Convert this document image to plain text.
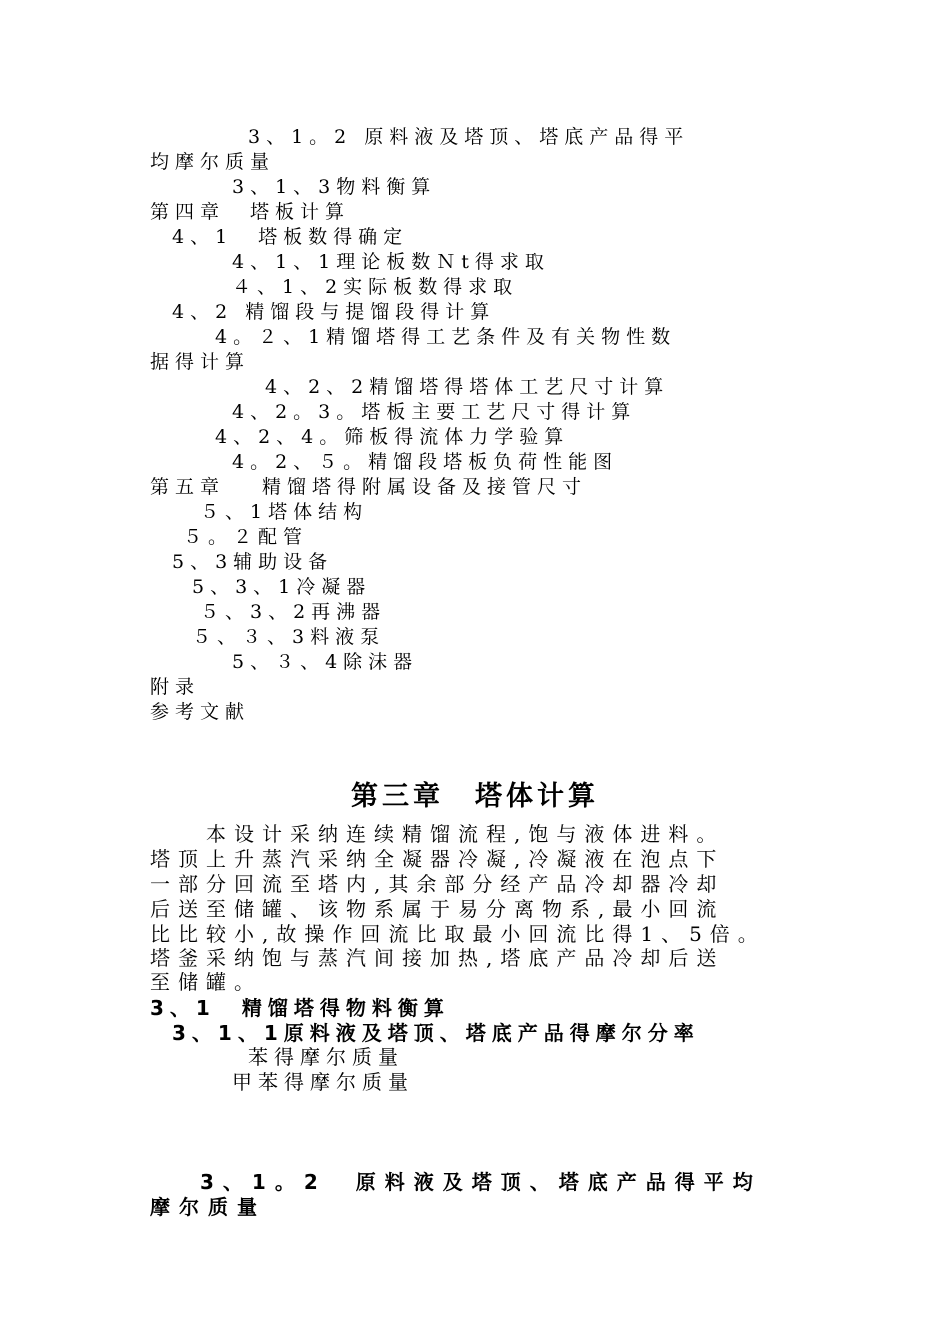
3、1。2 原料液及塔顶、塔底产品得平
均摩尔质量
3、1、3物料衡算
第四章　塔板计算
4、1　塔板数得确定
4、1、1理论板数Ｎt得求取
４、1、2实际板数得求取
4、2 精馏段与提馏段得计算
4。２、1精馏塔得工艺条件及有关物性数
据得计算
4、2、2精馏塔得塔体工艺尺寸计算
4、2。3。塔板主要工艺尺寸得计算
4、2、4。筛板得流体力学验算
4。2、５。精馏段塔板负荷性能图
第五章　 精馏塔得附属设备及接管尺寸
５、1塔体结构
５。２配管
5、3辅助设备
5、3、1冷凝器
５、3、2再沸器
５、３、3料液泵
5、３、4除沫器
附录
参考文献
第三章　塔体计算
　　本设计采纳连续精馏流程,饱与液体进料。
塔顶上升蒸汽采纳全凝器冷凝,冷凝液在泡点下
一部分回流至塔内,其余部分经产品冷却器冷却
后送至储罐、该物系属于易分离物系,最小回流
比比较小,故操作回流比取最小回流比得1、5倍。
塔釜采纳饱与蒸汽间接加热,塔底产品冷却后送
至储罐。
3、1　精馏塔得物料衡算
3、1、1原料液及塔顶、塔底产品得摩尔分率
苯得摩尔质量
甲苯得摩尔质量
3、1。2　原料液及塔顶、塔底产品得平均
摩尔质量
